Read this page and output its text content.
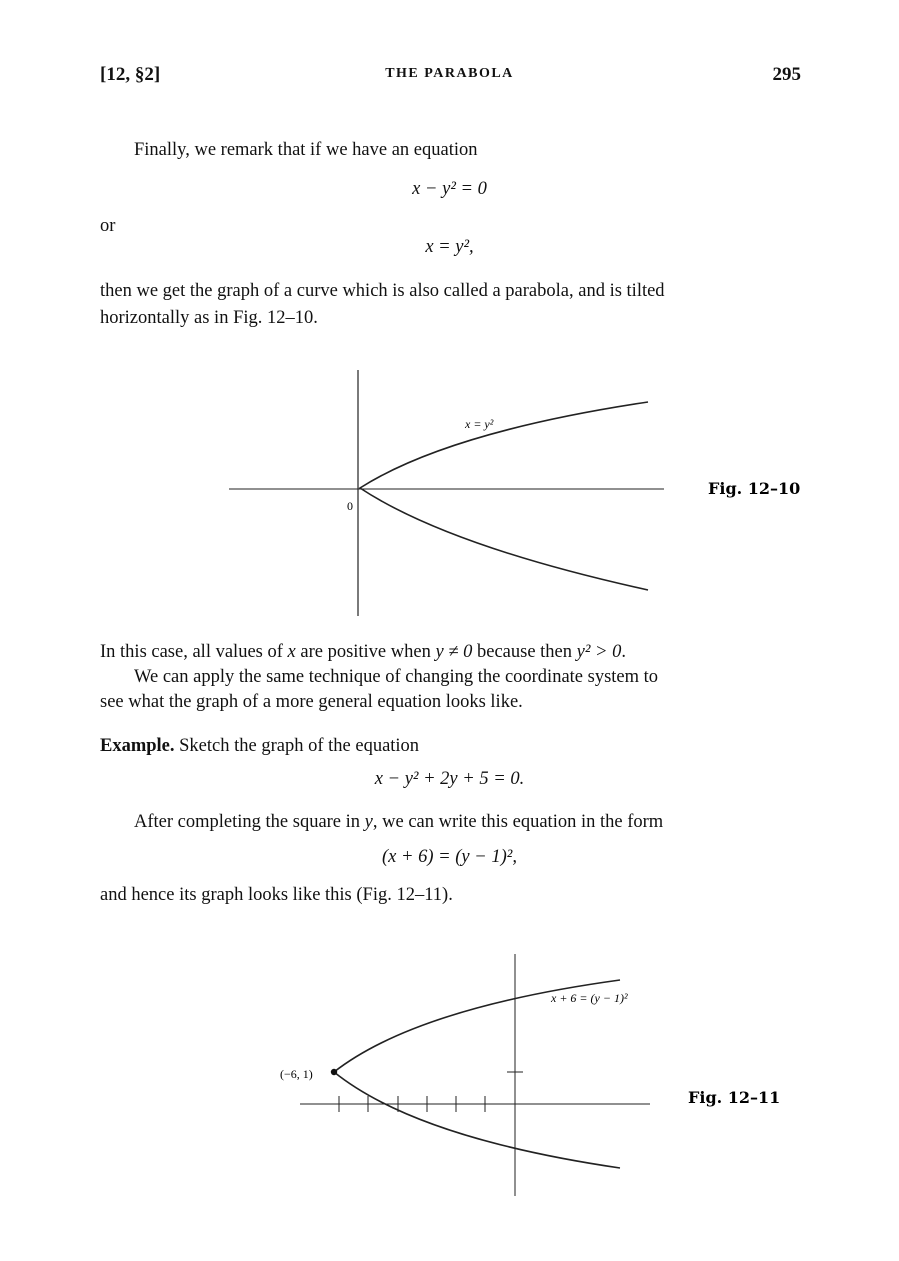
[12, §2]	THE PARABOLA	295
Finally, we remark that if we have an equation
x − y² = 0
or
x = y²,
then we get the graph of a curve which is also called a parabola, and is tilted
horizontally as in Fig. 12–10.
x = y²
0
Fig. 12–10
In this case, all values of x are positive when y ≠ 0 because then y² > 0.
We can apply the same technique of changing the coordinate system to
see what the graph of a more general equation looks like.
Example. Sketch the graph of the equation
x − y² + 2y + 5 = 0.
After completing the square in y, we can write this equation in the form
(x + 6) = (y − 1)²,
and hence its graph looks like this (Fig. 12–11).
(−6, 1)
x + 6 = (y − 1)²
Fig. 12–11
